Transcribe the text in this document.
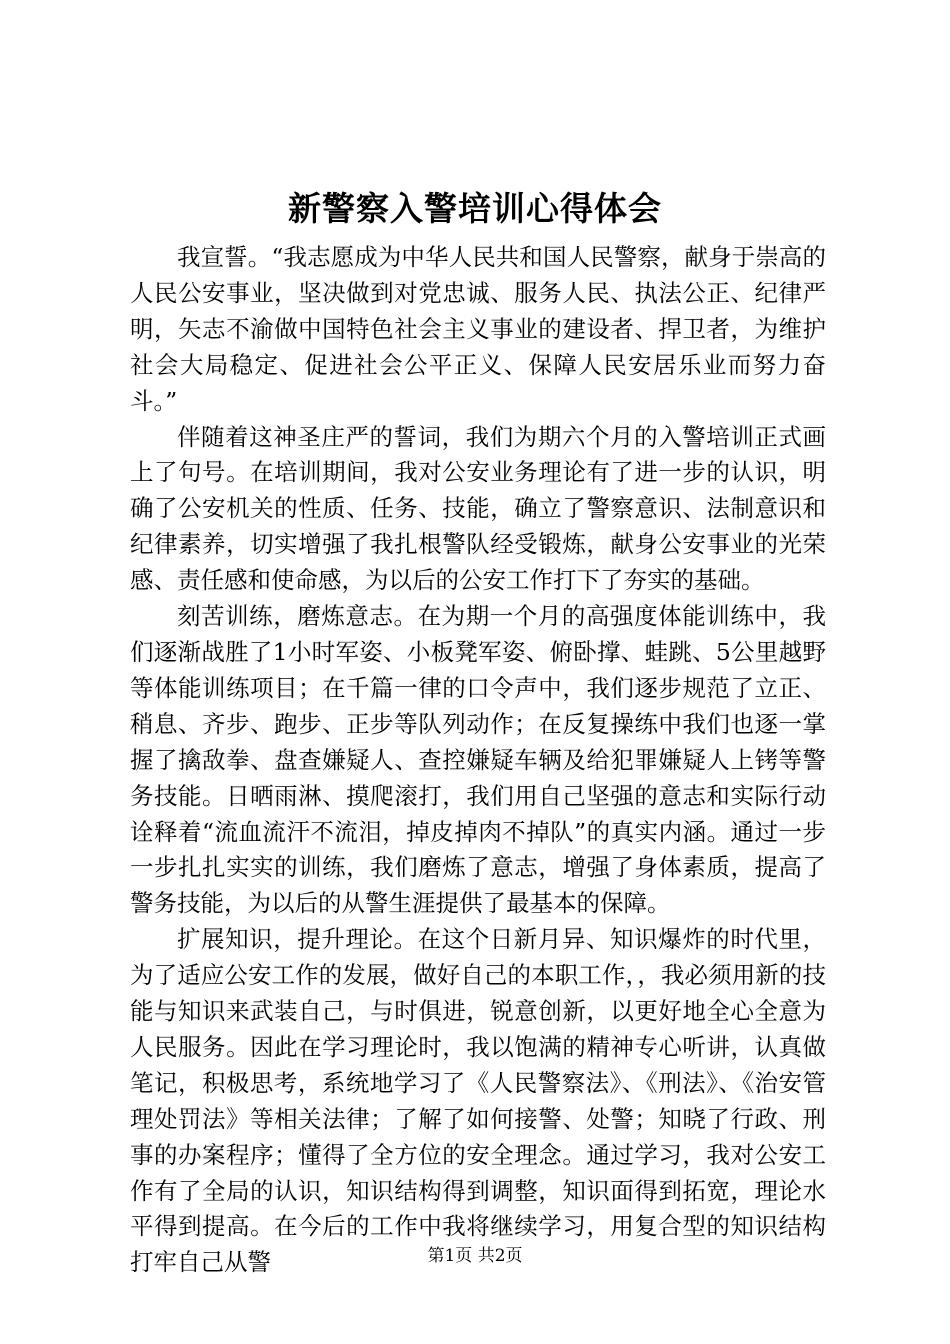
新警察入警培训心得体会

我宣誓。“我志愿成为中华人民共和国人民警察，献身于崇高的人民公安事业，坚决做到对党忠诚、服务人民、执法公正、纪律严明，矢志不渝做中国特色社会主义事业的建设者、捍卫者，为维护社会大局稳定、促进社会公平正义、保障人民安居乐业而努力奋斗。”

伴随着这神圣庄严的誓词，我们为期六个月的入警培训正式画上了句号。在培训期间，我对公安业务理论有了进一步的认识，明确了公安机关的性质、任务、技能，确立了警察意识、法制意识和纪律素养，切实增强了我扎根警队经受锻炼，献身公安事业的光荣感、责任感和使命感，为以后的公安工作打下了夯实的基础。

刻苦训练，磨炼意志。在为期一个月的高强度体能训练中，我们逐渐战胜了1小时军姿、小板凳军姿、俯卧撑、蛙跳、5公里越野等体能训练项目；在千篇一律的口令声中，我们逐步规范了立正、稍息、齐步、跑步、正步等队列动作；在反复操练中我们也逐一掌握了擒敌拳、盘查嫌疑人、查控嫌疑车辆及给犯罪嫌疑人上铐等警务技能。日晒雨淋、摸爬滚打，我们用自己坚强的意志和实际行动诠释着“流血流汗不流泪，掉皮掉肉不掉队”的真实内涵。通过一步一步扎扎实实的训练，我们磨炼了意志，增强了身体素质，提高了警务技能，为以后的从警生涯提供了最基本的保障。

扩展知识，提升理论。在这个日新月异、知识爆炸的时代里，为了适应公安工作的发展，做好自己的本职工作，，我必须用新的技能与知识来武装自己，与时俱进，锐意创新，以更好地全心全意为人民服务。因此在学习理论时，我以饱满的精神专心听讲，认真做笔记，积极思考，系统地学习了《人民警察法》、《刑法》、《治安管理处罚法》等相关法律；了解了如何接警、处警；知晓了行政、刑事的办案程序；懂得了全方位的安全理念。通过学习，我对公安工作有了全局的认识，知识结构得到调整，知识面得到拓宽，理论水平得到提高。在今后的工作中我将继续学习，用复合型的知识结构打牢自己从警	第1页 共2页
